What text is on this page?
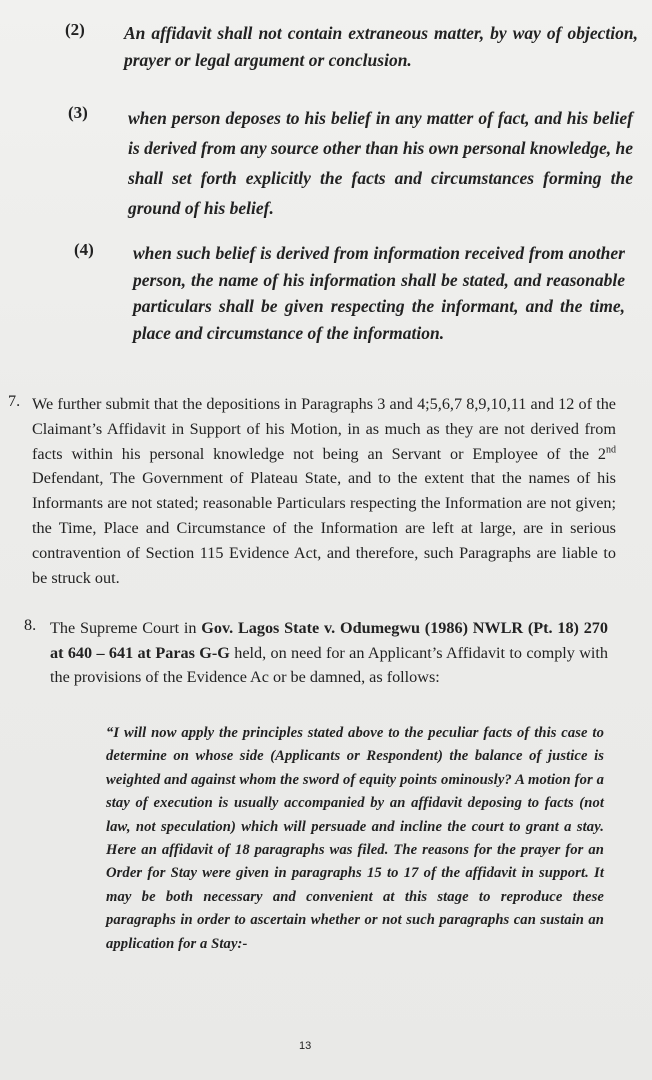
(2) An affidavit shall not contain extraneous matter, by way of objection, prayer or legal argument or conclusion.
(3) when person deposes to his belief in any matter of fact, and his belief is derived from any source other than his own personal knowledge, he shall set forth explicitly the facts and circumstances forming the ground of his belief.
(4) when such belief is derived from information received from another person, the name of his information shall be stated, and reasonable particulars shall be given respecting the informant, and the time, place and circumstance of the information.
7. We further submit that the depositions in Paragraphs 3 and 4;5,6,7 8,9,10,11 and 12 of the Claimant’s Affidavit in Support of his Motion, in as much as they are not derived from facts within his personal knowledge not being an Servant or Employee of the 2nd Defendant, The Government of Plateau State, and to the extent that the names of his Informants are not stated; reasonable Particulars respecting the Information are not given; the Time, Place and Circumstance of the Information are left at large, are in serious contravention of Section 115 Evidence Act, and therefore, such Paragraphs are liable to be struck out.
8. The Supreme Court in Gov. Lagos State v. Odumegwu (1986) NWLR (Pt. 18) 270 at 640 – 641 at Paras G-G held, on need for an Applicant’s Affidavit to comply with the provisions of the Evidence Ac or be damned, as follows:
“I will now apply the principles stated above to the peculiar facts of this case to determine on whose side (Applicants or Respondent) the balance of justice is weighted and against whom the sword of equity points ominously? A motion for a stay of execution is usually accompanied by an affidavit deposing to facts (not law, not speculation) which will persuade and incline the court to grant a stay. Here an affidavit of 18 paragraphs was filed. The reasons for the prayer for an Order for Stay were given in paragraphs 15 to 17 of the affidavit in support. It may be both necessary and convenient at this stage to reproduce these paragraphs in order to ascertain whether or not such paragraphs can sustain an application for a Stay:-
13
